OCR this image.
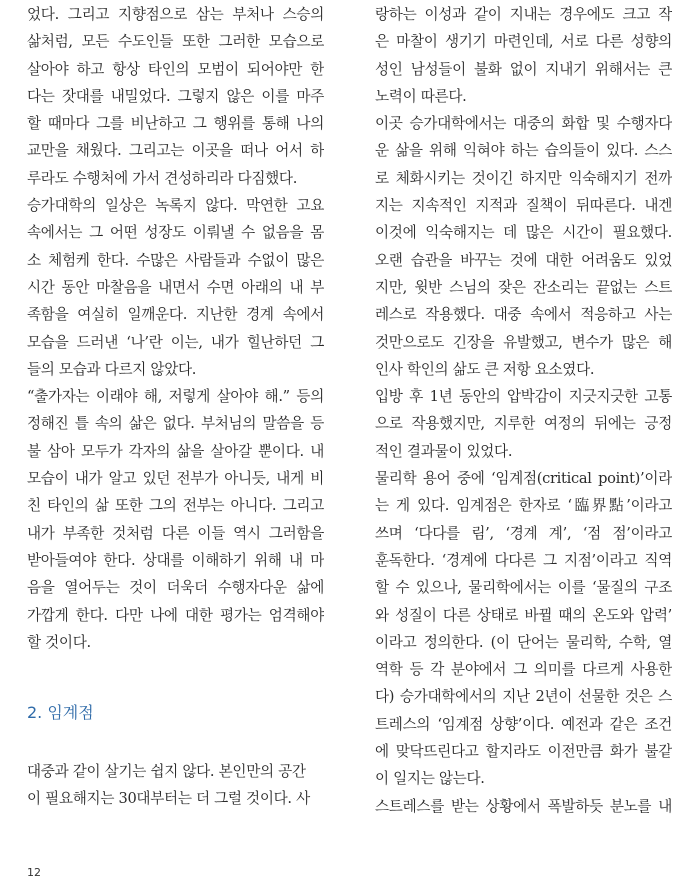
었다. 그리고 지향점으로 삼는 부처나 스승의
삶처럼, 모든 수도인들 또한 그러한 모습으로
살아야 하고 항상 타인의 모범이 되어야만 한
다는 잣대를 내밀었다. 그렇지 않은 이를 마주
할 때마다 그를 비난하고 그 행위를 통해 나의
교만을 채웠다. 그리고는 이곳을 떠나 어서 하
루라도 수행처에 가서 견성하리라 다짐했다.
승가대학의 일상은 녹록지 않다. 막연한 고요
속에서는 그 어떤 성장도 이뤄낼 수 없음을 몸
소 체험케 한다. 수많은 사람들과 수없이 많은
시간 동안 마찰음을 내면서 수면 아래의 내 부
족함을 여실히 일깨운다. 지난한 경계 속에서
모습을 드러낸 ‘나’란 이는, 내가 힐난하던 그
들의 모습과 다르지 않았다.
“출가자는 이래야 해, 저렇게 살아야 해.” 등의
정해진 틀 속의 삶은 없다. 부처님의 말씀을 등
불 삼아 모두가 각자의 삶을 살아갈 뿐이다. 내
모습이 내가 알고 있던 전부가 아니듯, 내게 비
친 타인의 삶 또한 그의 전부는 아니다. 그리고
내가 부족한 것처럼 다른 이들 역시 그러함을
받아들여야 한다. 상대를 이해하기 위해 내 마
음을 열어두는 것이 더욱더 수행자다운 삶에
가깝게 한다. 다만 나에 대한 평가는 엄격해야
할 것이다.
2. 임계점
대중과 같이 살기는 쉽지 않다. 본인만의 공간
이 필요해지는 30대부터는 더 그럴 것이다. 사
랑하는 이성과 같이 지내는 경우에도 크고 작
은 마찰이 생기기 마련인데, 서로 다른 성향의
성인 남성들이 불화 없이 지내기 위해서는 큰
노력이 따른다.
이곳 승가대학에서는 대중의 화합 및 수행자다
운 삶을 위해 익혀야 하는 습의들이 있다. 스스
로 체화시키는 것이긴 하지만 익숙해지기 전까
지는 지속적인 지적과 질책이 뒤따른다. 내겐
이것에 익숙해지는 데 많은 시간이 필요했다.
오랜 습관을 바꾸는 것에 대한 어려움도 있었
지만, 윗반 스님의 잦은 잔소리는 끝없는 스트
레스로 작용했다. 대중 속에서 적응하고 사는
것만으로도 긴장을 유발했고, 변수가 많은 해
인사 학인의 삶도 큰 저항 요소였다.
입방 후 1년 동안의 압박감이 지긋지긋한 고통
으로 작용했지만, 지루한 여정의 뒤에는 긍정
적인 결과물이 있었다.
물리학 용어 중에 ‘임계점(critical point)’이라
는 게 있다. 임계점은 한자로 ‘臨界點’이라고
쓰며 ‘다다를 림’, ‘경계 계’, ‘점 점’이라고
훈독한다. ‘경계에 다다른 그 지점’이라고 직역
할 수 있으나, 물리학에서는 이를 ‘물질의 구조
와 성질이 다른 상태로 바뀔 때의 온도와 압력’
이라고 정의한다. (이 단어는 물리학, 수학, 열
역학 등 각 분야에서 그 의미를 다르게 사용한
다) 승가대학에서의 지난 2년이 선물한 것은 스
트레스의 ‘임계점 상향’이다. 예전과 같은 조건
에 맞닥뜨린다고 할지라도 이전만큼 화가 불같
이 일지는 않는다.
스트레스를 받는 상황에서 폭발하듯 분노를 내
12
